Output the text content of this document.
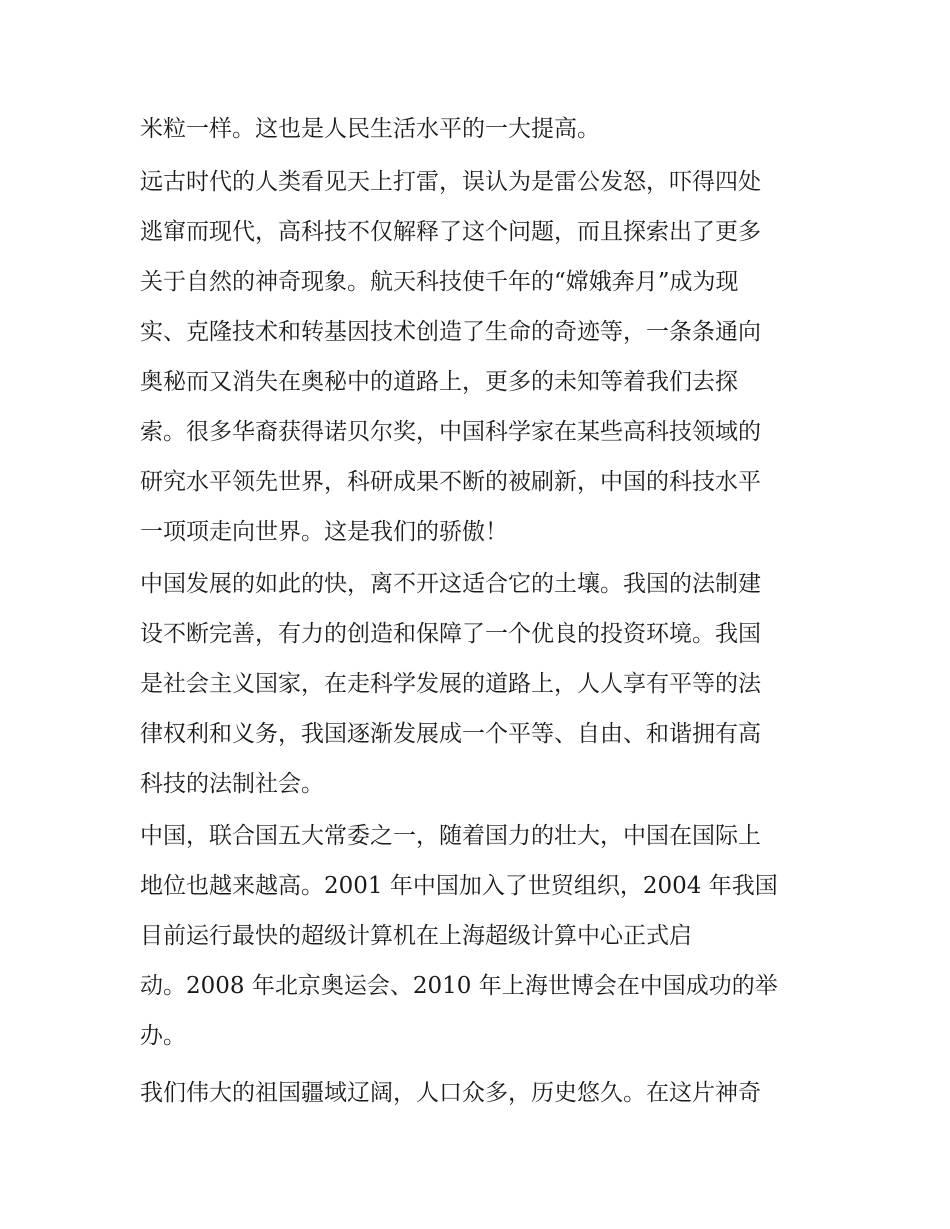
米粒一样。这也是人民生活水平的一大提高。
远古时代的人类看见天上打雷，误认为是雷公发怒，吓得四处
逃窜而现代，高科技不仅解释了这个问题，而且探索出了更多
关于自然的神奇现象。航天科技使千年的“嫦娥奔月”成为现
实、克隆技术和转基因技术创造了生命的奇迹等，一条条通向
奥秘而又消失在奥秘中的道路上，更多的未知等着我们去探
索。很多华裔获得诺贝尔奖，中国科学家在某些高科技领域的
研究水平领先世界，科研成果不断的被刷新，中国的科技水平
一项项走向世界。这是我们的骄傲！
中国发展的如此的快，离不开这适合它的土壤。我国的法制建
设不断完善，有力的创造和保障了一个优良的投资环境。我国
是社会主义国家，在走科学发展的道路上，人人享有平等的法
律权利和义务，我国逐渐发展成一个平等、自由、和谐拥有高
科技的法制社会。
中国，联合国五大常委之一，随着国力的壮大，中国在国际上
地位也越来越高。2001 年中国加入了世贸组织，2004 年我国
目前运行最快的超级计算机在上海超级计算中心正式启
动。2008 年北京奥运会、2010 年上海世博会在中国成功的举
办。
我们伟大的祖国疆域辽阔，人口众多，历史悠久。在这片神奇
